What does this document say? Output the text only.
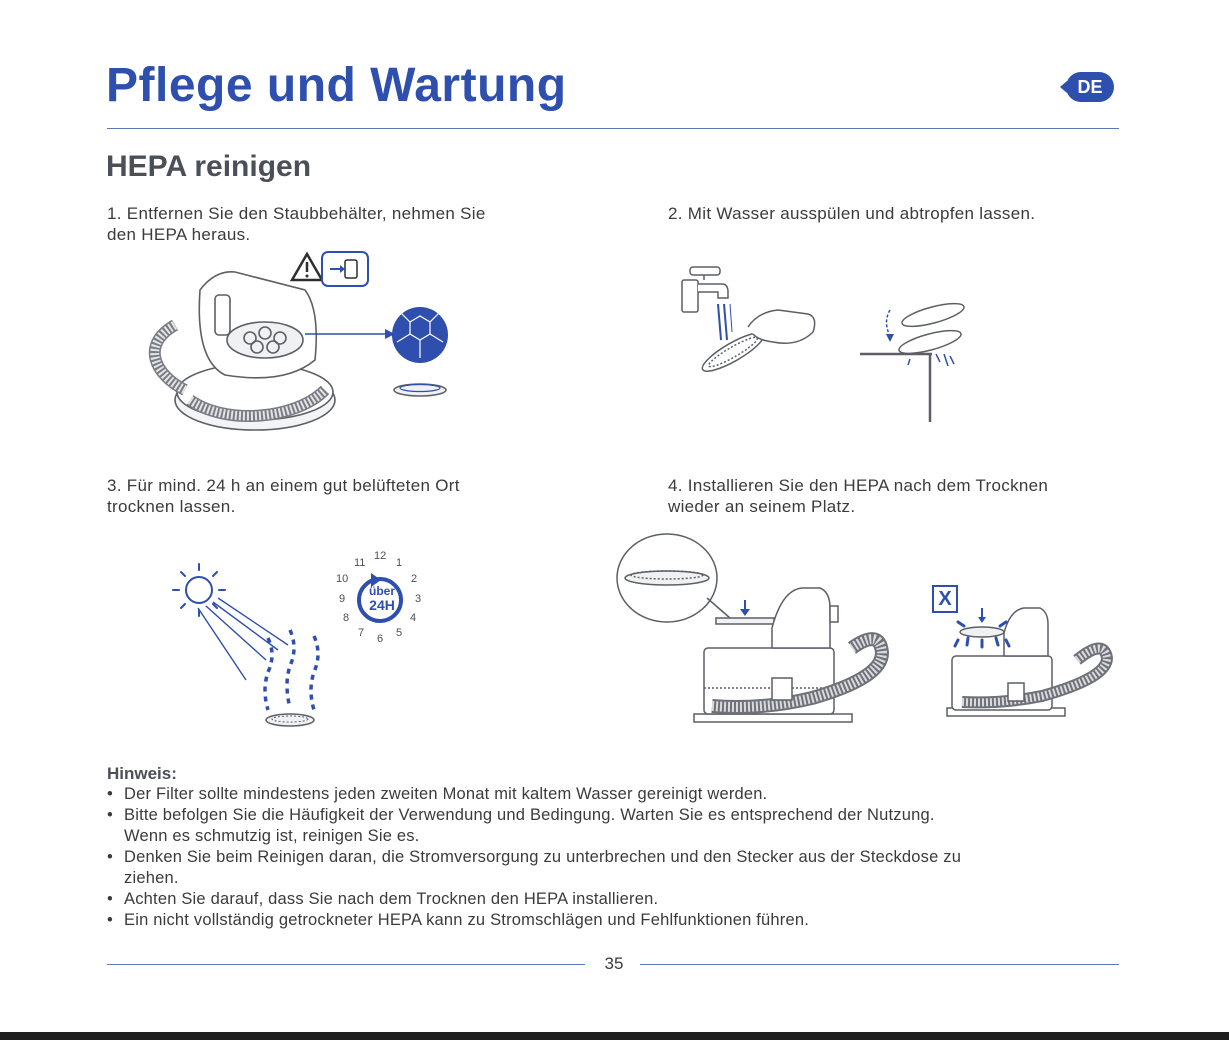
Pflege und Wartung	DE
HEPA reinigen
1. Entfernen Sie den Staubbehälter, nehmen Sie
den HEPA heraus.
2. Mit Wasser ausspülen und abtropfen lassen.
3. Für mind. 24 h an einem gut belüfteten Ort
trocknen lassen.
4. Installieren Sie den HEPA nach dem Trocknen
wieder an seinem Platz.
12
1
2
3
4
5
6
7
8
9
10
11
über
24H	X
Hinweis:
• Der Filter sollte mindestens jeden zweiten Monat mit kaltem Wasser gereinigt werden.
• Bitte befolgen Sie die Häufigkeit der Verwendung und Bedingung. Warten Sie es entsprechend der Nutzung. Wenn es schmutzig ist, reinigen Sie es.
• Denken Sie beim Reinigen daran, die Stromversorgung zu unterbrechen und den Stecker aus der Steckdose zu ziehen.
• Achten Sie darauf, dass Sie nach dem Trocknen den HEPA installieren.
• Ein nicht vollständig getrockneter HEPA kann zu Stromschlägen und Fehlfunktionen führen.
35
